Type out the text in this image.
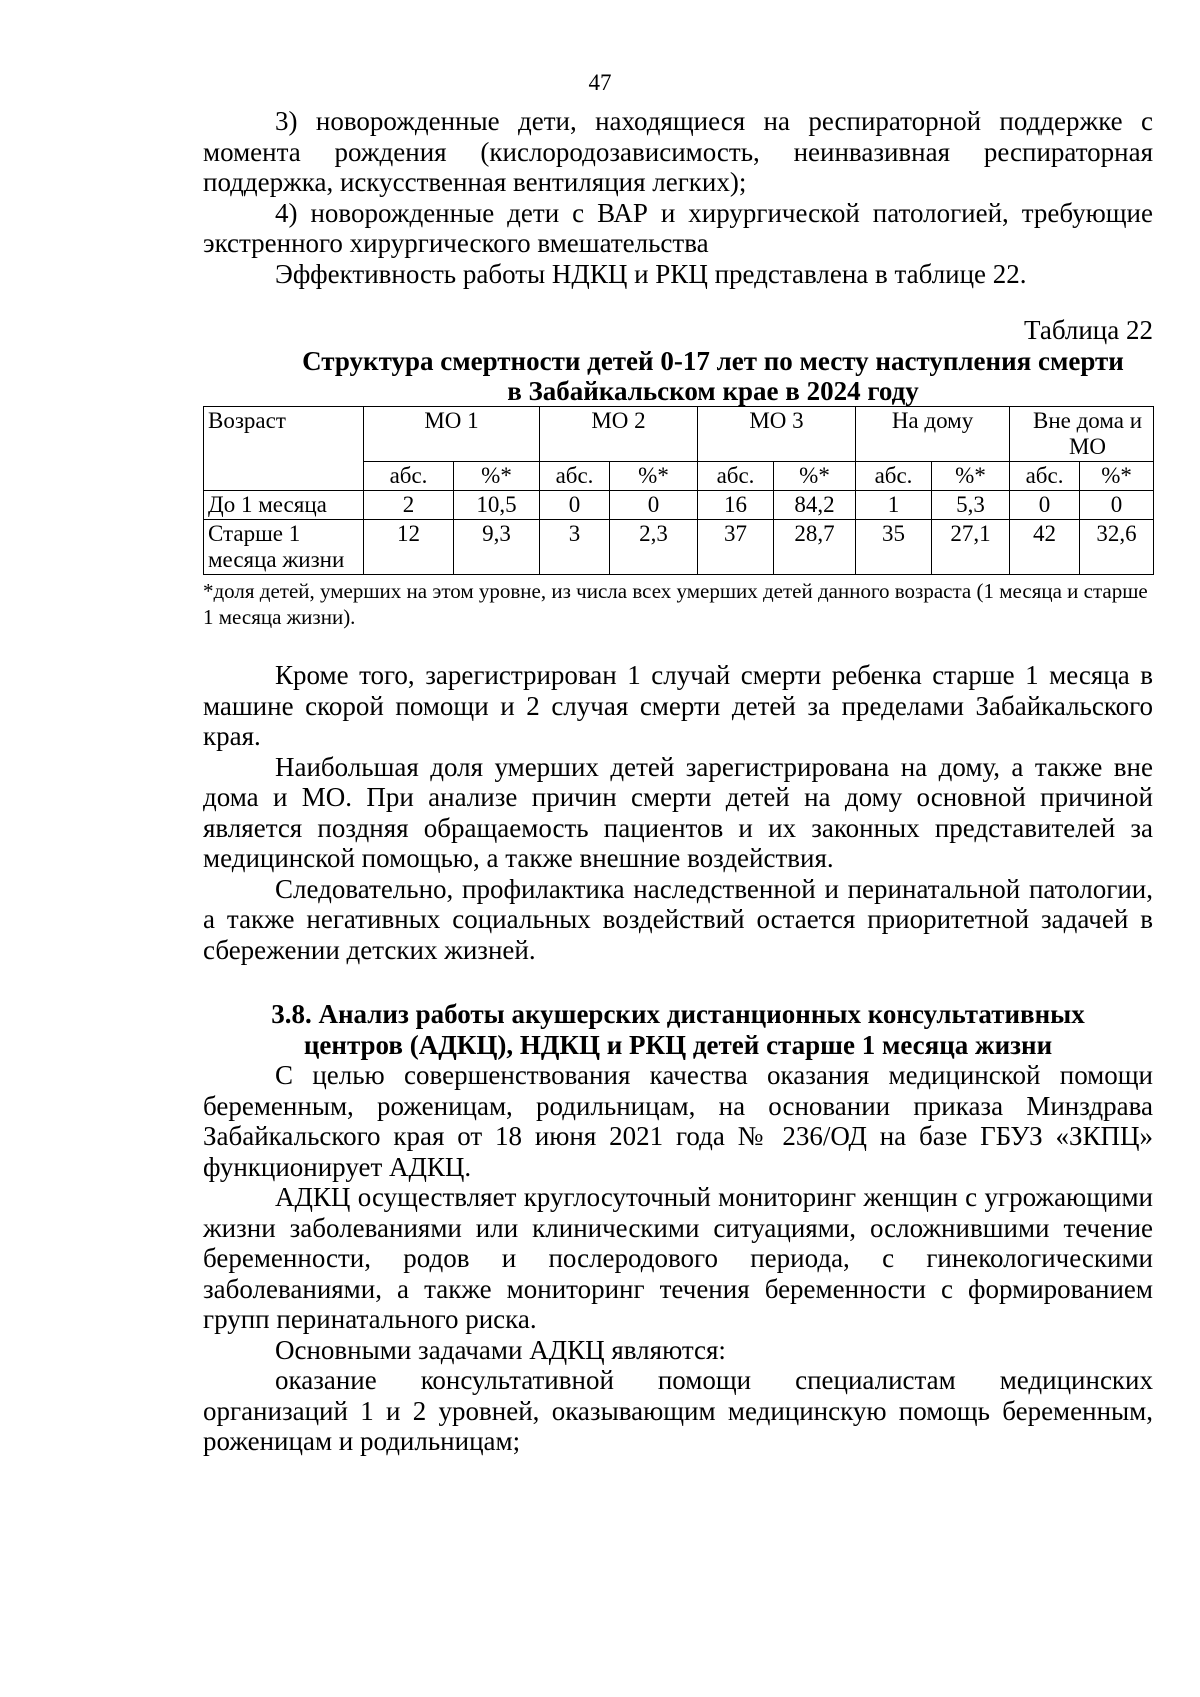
47

3) новорожденные дети, находящиеся на респираторной поддержке с момента рождения (кислородозависимость, неинвазивная респираторная поддержка, искусственная вентиляция легких);

4) новорожденные дети с ВАР и хирургической патологией, требующие экстренного хирургического вмешательства

Эффективность работы НДКЦ и РКЦ представлена в таблице 22.

Таблица 22

Структура смертности детей 0-17 лет по месту наступления смерти

в Забайкальском крае в 2024 году

Возраст	МО 1		МО 2		МО 3		На дому		Вне дома и МО	
	абс.	%*	абс.	%*	абс.	%*	абс.	%*	абс.	%*
До 1 месяца	2	10,5	0	0	16	84,2	1	5,3	0	0
Старше 1 месяца жизни	12	9,3	3	2,3	37	28,7	35	27,1	42	32,6

*доля детей, умерших на этом уровне, из числа всех умерших детей данного возраста (1 месяца и старше 1 месяца жизни).

Кроме того, зарегистрирован 1 случай смерти ребенка старше 1 месяца в машине скорой помощи и 2 случая смерти детей за пределами Забайкальского края.

Наибольшая доля умерших детей зарегистрирована на дому, а также вне дома и МО. При анализе причин смерти детей на дому основной причиной является поздняя обращаемость пациентов и их законных представителей за медицинской помощью, а также внешние воздействия.

Следовательно, профилактика наследственной и перинатальной патологии, а также негативных социальных воздействий остается приоритетной задачей в сбережении детских жизней.

3.8. Анализ работы акушерских дистанционных консультативных

центров (АДКЦ), НДКЦ и РКЦ детей старше 1 месяца жизни

С целью совершенствования качества оказания медицинской помощи беременным, роженицам, родильницам, на основании приказа Минздрава Забайкальского края от 18 июня 2021 года № 236/ОД на базе ГБУЗ «ЗКПЦ» функционирует АДКЦ.

АДКЦ осуществляет круглосуточный мониторинг женщин с угрожающими жизни заболеваниями или клиническими ситуациями, осложнившими течение беременности, родов и послеродового периода, с гинекологическими заболеваниями, а также мониторинг течения беременности с формированием групп перинатального риска.

Основными задачами АДКЦ являются:

оказание консультативной помощи специалистам медицинских организаций 1 и 2 уровней, оказывающим медицинскую помощь беременным, роженицам и родильницам;
